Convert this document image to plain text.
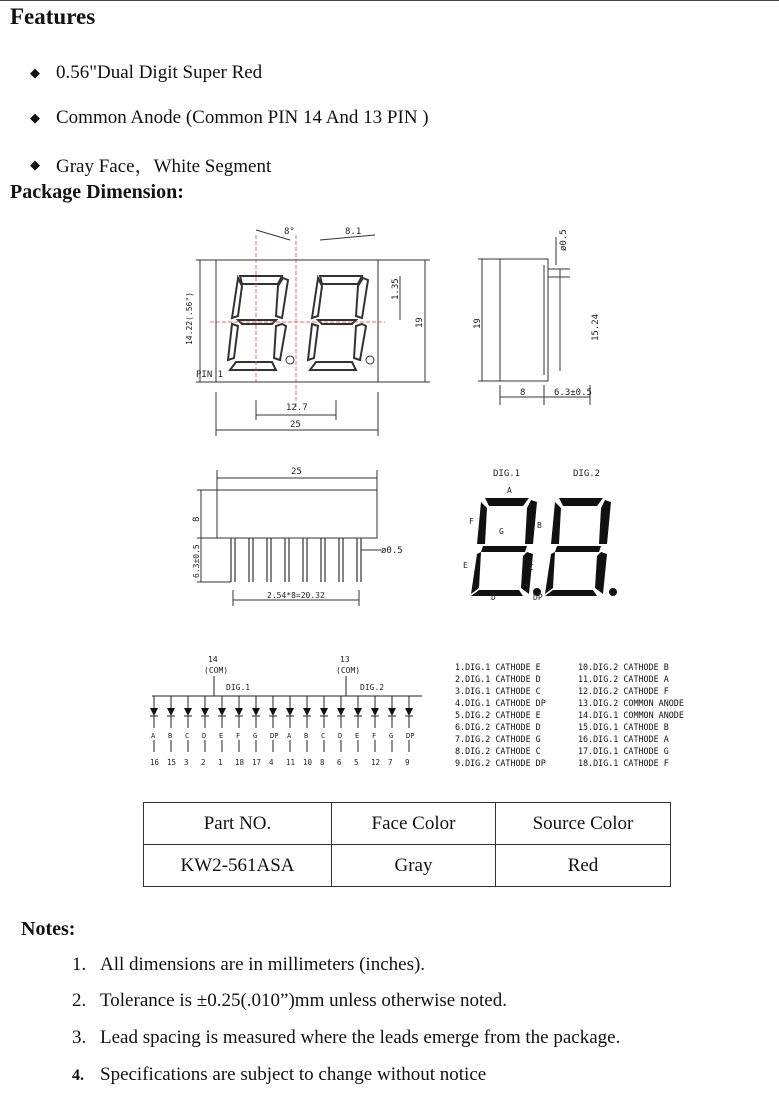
Features
◆ 0.56"Dual Digit Super Red
◆ Common Anode (Common PIN 14 And 13 PIN )
◆ Gray Face，White Segment
Package Dimension:
8°	8.1
14.22(.56")
1.35
19
PIN 1
12.7
25
ø0.5
19	15.24
8	6.3±0.5
25
8
6.3±0.5	ø0.5
2.54*8=20.32
DIG.1	DIG.2
A
B
C
D
E
F
G
DP
14
(COM)
13
(COM)
DIG.1	DIG.2
A B C D E F G DP A B C D E F G DP
16 15 3 2 1 18 17 4 11 10 8 6 5 12 7 9
1.DIG.1 CATHODE E
2.DIG.1 CATHODE D
3.DIG.1 CATHODE C
4.DIG.1 CATHODE DP
5.DIG.2 CATHODE E
6.DIG.2 CATHODE D
7.DIG.2 CATHODE G
8.DIG.2 CATHODE C
9.DIG.2 CATHODE DP
10.DIG.2 CATHODE B
11.DIG.2 CATHODE A
12.DIG.2 CATHODE F
13.DIG.2 COMMON ANODE
14.DIG.1 COMMON ANODE
15.DIG.1 CATHODE B
16.DIG.1 CATHODE A
17.DIG.1 CATHODE G
18.DIG.1 CATHODE F
Part NO.	Face Color	Source Color
KW2-561ASA	Gray	Red
Notes:
1. All dimensions are in millimeters (inches).
2. Tolerance is ±0.25(.010”)mm unless otherwise noted.
3. Lead spacing is measured where the leads emerge from the package.
4. Specifications are subject to change without notice
